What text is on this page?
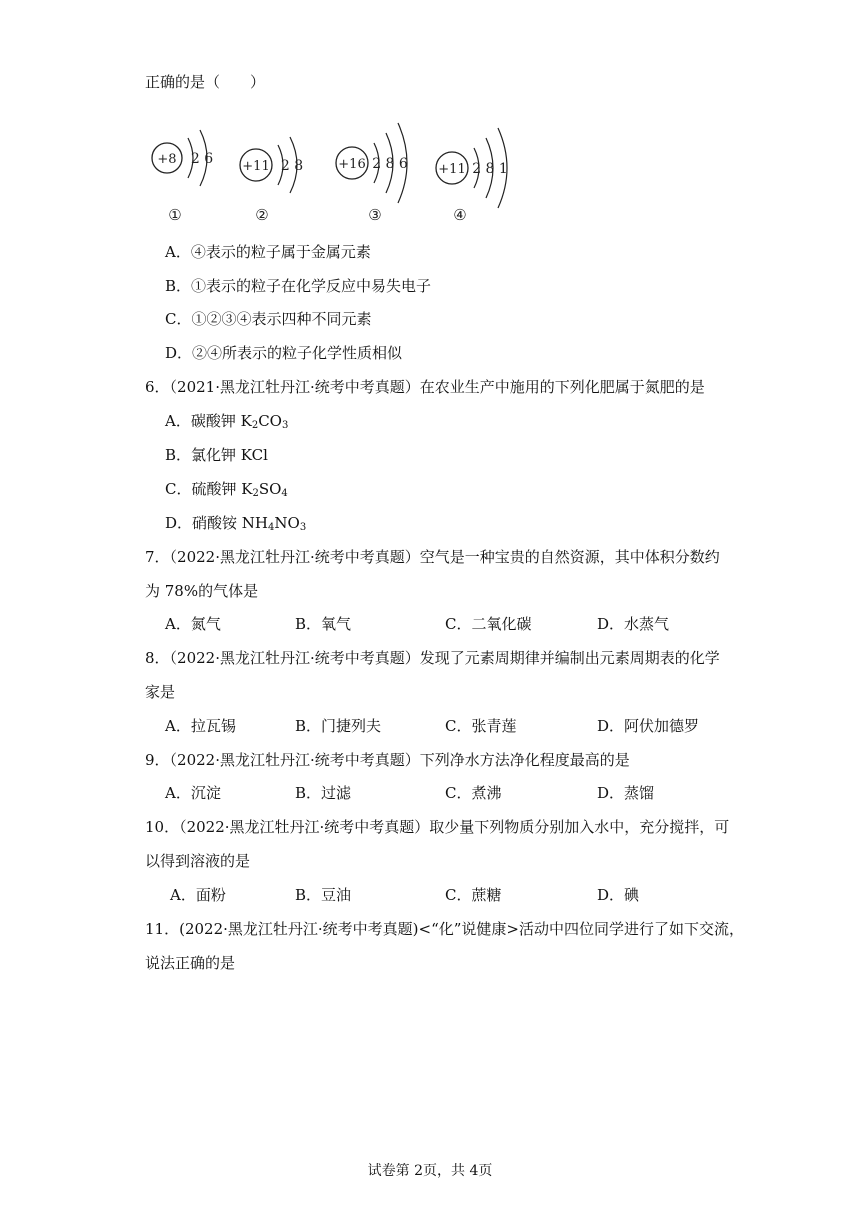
正确的是（　　）
+8 2 6
①
+11 2 8
②
+16 2 8 6
③
+11 2 8 1
④
A．④表示的粒子属于金属元素
B．①表示的粒子在化学反应中易失电子
C．①②③④表示四种不同元素
D．②④所表示的粒子化学性质相似
6．（2021·黑龙江牡丹江·统考中考真题）在农业生产中施用的下列化肥属于氮肥的是
A．碳酸钾 $K_2CO_3$
B．氯化钾 KCl
C．硫酸钾 $K_2SO_4$
D．硝酸铵 $NH_4NO_3$
7．（2022·黑龙江牡丹江·统考中考真题）空气是一种宝贵的自然资源，其中体积分数约
为 78%的气体是
A．氮气	B．氧气	C．二氧化碳	D．水蒸气
8．（2022·黑龙江牡丹江·统考中考真题）发现了元素周期律并编制出元素周期表的化学
家是
A．拉瓦锡	B．门捷列夫	C．张青莲	D．阿伏加德罗
9．（2022·黑龙江牡丹江·统考中考真题）下列净水方法净化程度最高的是
A．沉淀	B．过滤	C．煮沸	D．蒸馏
10．（2022·黑龙江牡丹江·统考中考真题）取少量下列物质分别加入水中，充分搅拌，可
以得到溶液的是
A．面粉	B．豆油	C．蔗糖	D．碘
11．(2022·黑龙江牡丹江·统考中考真题)<“化”说健康>活动中四位同学进行了如下交流，
说法正确的是
试卷第 2页，共 4页
